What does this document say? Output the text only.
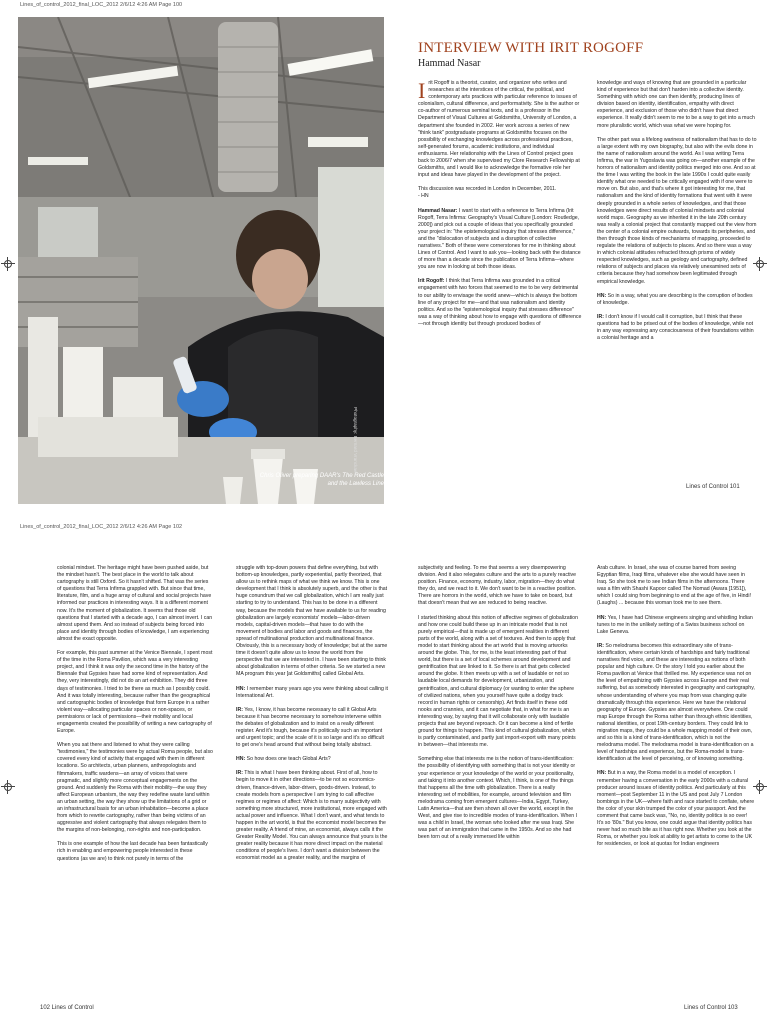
Lines_of_control_2012_final_LOC_2012 2/6/12 4:26 AM Page 100
Chris Oliver preparing DAAR's The Red Castle and the Lawless Line
Photography: Bernard Vranckaert
INTERVIEW WITH IRIT ROGOFF
Hammad Nasar

Irit Rogoff is a theorist, curator, and organizer who writes and researches at the interstices of the critical, the political, and contemporary arts practices with particular reference to issues of colonialism, cultural difference, and performativity. She is the author or co-author of numerous seminal texts, and is a professor in the Department of Visual Cultures at Goldsmiths, University of London, a department she founded in 2002. Her work across a series of new "think tank" postgraduate programs at Goldsmiths focuses on the possibility of exchanging knowledges across professional practices, self-generated forums, academic institutions, and individual enthusiasms. Her relationship with the Lines of Control project goes back to 2006/7 when she supervised my Clore Research Fellowship at Goldsmiths, and I would like to acknowledge the formative role her input and ideas have played in the development of the project.

This discussion was recorded in London in December, 2011.
- HN

Hammad Nasar: I want to start with a reference to Terra Infirma (Irit Rogoff, Terra Infirma: Geography's Visual Culture [London: Routledge, 2000]) and pick out a couple of ideas that you specifically grounded your project in: "the epistemological inquiry that stresses difference," and the "dislocation of subjects and a disruption of collective narratives." Both of these were cornerstones for me in thinking about Lines of Control. And I want to ask you—looking back with the distance of more than a decade since the publication of Terra Infirma—where you are now in looking at both those ideas.

Irit Rogoff: I think that Terra Infirma was grounded in a critical engagement with two forces that seemed to me to be very detrimental to our ability to envisage the world anew—which is always the bottom line of any project for me—and that was nationalism and identity politics. And so the "epistemological inquiry that stresses difference" was a way of thinking about how to engage with questions of difference—not through identity but through produced bodies of

knowledge and ways of knowing that are grounded in a particular kind of experience but that don't harden into a collective identity. Something with which one can then identify, producing lines of division based on identity, identification, empathy with direct experience, and exclusion of those who didn't have that direct experience. It really didn't seem to me to be a way to get into a much more pluralistic world, which was what we were hoping for.

The other part was a lifelong wariness of nationalism that has to do to a large extent with my own biography, but also with the evils done in the name of nationalism around the world. As I was writing Terra Infirma, the war in Yugoslavia was going on—another example of the horrors of nationalism and identity politics merged into one. And so at the time I was writing the book in the late 1990s I could quite easily identify what one needed to be critically engaged with if one were to move on. But also, and that's where it got interesting for me, that nationalism and the kind of identity formations that went with it were deeply grounded in a whole series of knowledges, and that those knowledges were direct results of colonial mindsets and colonial world maps. Geography as we inherited it in the late 20th century was really a colonial project that constantly mapped out the view from the center of a colonial empire outwards, towards its peripheries, and then through those kinds of mechanisms of mapping, proceeded to regulate the relations of subjects to places. And so there was a way in which colonial attitudes refracted through prisms of widely respected knowledges, such as geology and cartography, defined relations of subjects and places via relatively unexamined sets of criteria because they had somehow been legitimated through empirical knowledge.

HN: So in a way, what you are describing is the corruption of bodies of knowledge.

IR: I don't know if I would call it corruption, but I think that these questions had to be prised out of the bodies of knowledge, while not in any way expressing any consciousness of their foundations within a colonial heritage and a

Lines of Control 101
Lines_of_control_2012_final_LOC_2012 2/6/12 4:26 AM Page 102

colonial mindset. The heritage might have been pushed aside, but the mindset hasn't. The best place in the world to talk about cartography is still Oxford. So it hasn't shifted. That was the series of questions that Terra Infirma grappled with. But since that time, literature, film, and a huge array of cultural and social projects have informed our practices in interesting ways. It is a different moment now. It's the moment of globalization. It seems that those old questions that I started with a decade ago, I can almost invert. I can almost upend them. And so instead of subjects being forced into place and identity through bodies of knowledge, I am experiencing almost the exact opposite.

For example, this past summer at the Venice Biennale, I spent most of the time in the Roma Pavilion, which was a very interesting project, and I think it was only the second time in the history of the Biennale that Gypsies have had some kind of representation. And they, very interestingly, did not do an art exhibition. They did three days of testimonies. I tried to be there as much as I possibly could. And it was totally interesting, because rather than the geographical and cartographic bodies of knowledge that form Europe in a rather violent way—allocating particular spaces or non-spaces, or permissions or lack of permissions—their mobility and local engagements created the possibility of writing a new cartography of Europe.

When you sat there and listened to what they were calling "testimonies," the testimonies were by actual Roma people, but also covered every kind of activity that engaged with them in different locations. So architects, urban planners, anthropologists and filmmakers, traffic wardens—an array of voices that were pragmatic, and slightly more conceptual engagements on the ground. And suddenly the Roma with their mobility—the way they affect European urbanism, the way they redefine waste land within an urban setting, the way they show up the limitations of a grid or an infrastructural basis for an urban inhabitation—become a place from which to rewrite cartography, rather than being victims of an aggressive and violent cartography that always relegates them to the margins of non-belonging, non-rights and non-participation.

This is one example of how the last decade has been fantastically rich in enabling and empowering people interested in these questions (as we are) to think not purely in terms of the

struggle with top-down powers that define everything, but with bottom-up knowledges, partly experiential, partly theorized, that allow us to rethink maps of what we think we know. This is one development that I think is absolutely superb, and the other is that huge conundrum that we call globalization, which I am really just starting to try to understand. This has to be done in a different way, because the models that we have available to us for reading globalization are largely economists' models—labor-driven models, capital-driven models—that have to do with the movement of bodies and labor and goods and finances, the spread of multinational production and multinational finance. Obviously, this is a necessary body of knowledge; but at the same time it doesn't quite allow us to know the world from the perspective that we are interested in. I have been starting to think about globalization in terms of other criteria. So we started a new MA program this year [at Goldsmiths] called Global Arts.

HN: I remember many years ago you were thinking about calling it International Art.

IR: Yes, I know, it has become necessary to call it Global Arts because it has become necessary to somehow intervene within the debates of globalization and to insist on a really different register. And it's tough, because it's politically such an important and urgent topic; and the scale of it is so large and it's so difficult to get one's head around that without being totally abstract.

HN: So how does one teach Global Arts?

IR: This is what I have been thinking about. First of all, how to begin to move it in other directions—to be not so economics-driven, finance-driven, labor-driven, goods-driven. Instead, to create models from a perspective I am trying to call affective regimes or regimes of affect: Which is to marry subjectivity with something more structured, more institutional, more engaged with actual power and influence. What I don't want, and what tends to happen in the art world, is that the economist model becomes the greater reality. A friend of mine, an economist, always calls it the Greater Reality Model. You can always announce that yours is the greater reality because it has more direct impact on the material conditions of people's lives. I don't want a division between the economist model as a greater reality, and the margins of

subjectivity and feeling. To me that seems a very disempowering division. And it also relegates culture and the arts to a purely reactive position. Finance, economy, industry, labor, migration—they do what they do, and we react to it. We don't want to be in a reactive position. There are horrors in the world, which we have to take on board, but that doesn't mean that we are reduced to being reactive.

I started thinking about this notion of affective regimes of globalization and how one could build these up in an intricate model that is not purely empirical—that is made up of emergent realities in different parts of the world, along with a set of textures. And then to apply that model to start thinking about the art world that is moving artworks around the globe. This, for me, is the least interesting part of that world, but there is a set of local schemes around development and gentrification that are linked to it. So there is art that gets collected around the globe. It then meets up with a set of laudable or not so laudable local demands for development, urbanization, and gentrification, and cultural diplomacy (or wanting to enter the sphere of civilized nations, when you yourself have quite a dodgy track record in human rights or censorship). Art finds itself in these odd nooks and crannies, and it can negotiate that, in what for me is an interesting way, by saying that it will collaborate only with laudable projects that are beyond reproach. Or it can become a kind of fertile ground for things to happen. This kind of cultural globalization, which is partly contaminated, and partly just import-export with many points in between—that interests me.

Something else that interests me is the notion of trans-identification: the possibility of identifying with something that is not your identity or your experience or your knowledge of the world or your positionality, and taking it into another context. Which, I think, is one of the things that happens all the time with globalization. There is a really interesting set of mobilities, for example, around television and film melodrama coming from emergent cultures—India, Egypt, Turkey, Latin America—that are then shown all over the world, except in the West, and give rise to incredible modes of trans-identification. When I was a child in Israel, the woman who looked after me was Iraqi. She was part of an immigration that came in the 1950s. And so she had been torn out of a really immersed life within

Arab culture. In Israel, she was of course barred from seeing Egyptian films, Iraqi films, whatever else she would have seen in Iraq. So she took me to see Indian films in the afternoons. There was a film with Shashi Kapoor called The Nomad (Awara [1951]), which I could sing from beginning to end at the age of five, in Hindi! (Laughs) ... because this woman took me to see them.

HN: Yes, I have had Chinese engineers singing and whistling Indian tunes to me in the unlikely setting of a Swiss business school on Lake Geneva.

IR: So melodrama becomes this extraordinary site of trans-identification, where certain kinds of hardships and fairly traditional narratives find voice, and these are interesting as notions of both popular and high culture. Or the story I told you earlier about the Roma pavilion at Venice that thrilled me. My experience was not on the level of empathizing with Gypsies across Europe and their real suffering, but as somebody interested in geography and cartography, whose understanding of where you map from was changing quite dramatically through this experience. Here we have the relational geography of Europe. Gypsies are almost everywhere. One could map Europe through the Roma rather than through ethnic identities, national identities, or post 19th-century borders. They could link to migration maps, they could be a whole mapping model of their own, and so this is a kind of trans-identification, which is not the melodrama model. The melodrama model is trans-identification on a level of hardships and experience, but the Roma-model is trans-identification at the level of perceiving, or of knowing something.

HN: But in a way, the Roma model is a model of exception. I remember having a conversation in the early 2000s with a cultural producer around issues of identity politics. And particularly at this moment—post September 11 in the US and post July 7 London bombings in the UK—where faith and race started to conflate, where the color of your skin trumped the color of your passport. And the comment that came back was, "No, no, identity politics is so over! It's so '80s." But you know, one could argue that identity politics has never had so much bite as it has right now. Whether you look at the Roma, or whether you look at ability to get artists to come to the UK for residencies, or look at quotas for Indian engineers

102 Lines of Control	Lines of Control 103
